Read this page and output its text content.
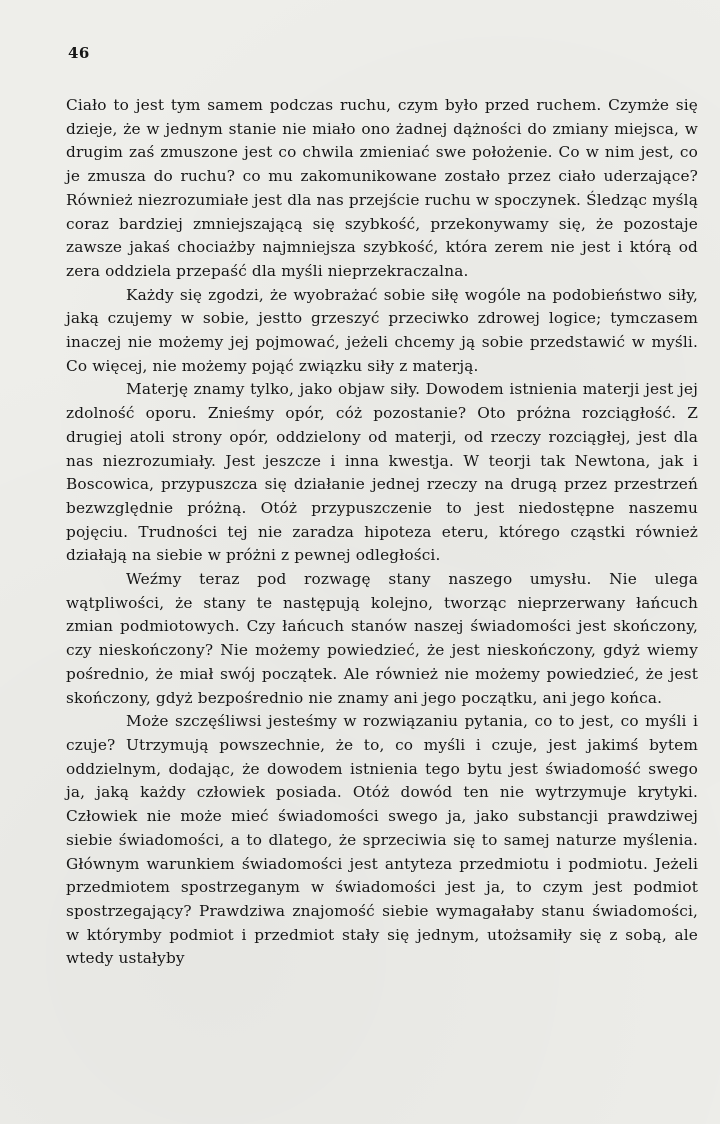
46

Ciało to jest tym samem podczas ruchu, czym było przed ruchem. Czymże się dzieje, że w jednym stanie nie miało ono żadnej dążności do zmiany miejsca, w drugim zaś zmuszone jest co chwila zmieniać swe położenie. Co w nim jest, co je zmusza do ruchu? co mu zakomunikowane zostało przez ciało uderzające? Również niezrozumiałe jest dla nas przejście ruchu w spoczynek. Śledząc myślą coraz bardziej zmniejszającą się szybkość, przekonywamy się, że pozostaje zawsze jakaś chociażby najmniejsza szybkość, która zerem nie jest i którą od zera oddziela przepaść dla myśli nieprzekraczalna.

Każdy się zgodzi, że wyobrażać sobie siłę wogóle na podobieństwo siły, jaką czujemy w sobie, jestto grzeszyć przeciwko zdrowej logice; tymczasem inaczej nie możemy jej pojmować, jeżeli chcemy ją sobie przedstawić w myśli. Co więcej, nie możemy pojąć związku siły z materją.

Materję znamy tylko, jako objaw siły. Dowodem istnienia materji jest jej zdolność oporu. Znieśmy opór, cóż pozostanie? Oto próżna rozciągłość. Z drugiej atoli strony opór, oddzielony od materji, od rzeczy rozciągłej, jest dla nas niezrozumiały. Jest jeszcze i inna kwestja. W teorji tak Newtona, jak i Boscowica, przypuszcza się działanie jednej rzeczy na drugą przez przestrzeń bezwzględnie próżną. Otóż przypuszczenie to jest niedostępne naszemu pojęciu. Trudności tej nie zaradza hipoteza eteru, którego cząstki również działają na siebie w próżni z pewnej odległości.

Weźmy teraz pod rozwagę stany naszego umysłu. Nie ulega wątpliwości, że stany te następują kolejno, tworząc nieprzerwany łańcuch zmian podmiotowych. Czy łańcuch stanów naszej świadomości jest skończony, czy nieskończony? Nie możemy powiedzieć, że jest nieskończony, gdyż wiemy pośrednio, że miał swój początek. Ale również nie możemy powiedzieć, że jest skończony, gdyż bezpośrednio nie znamy ani jego początku, ani jego końca.

Może szczęśliwsi jesteśmy w rozwiązaniu pytania, co to jest, co myśli i czuje? Utrzymują powszechnie, że to, co myśli i czuje, jest jakimś bytem oddzielnym, dodając, że dowodem istnienia tego bytu jest świadomość swego ja, jaką każdy człowiek posiada. Otóż dowód ten nie wytrzymuje krytyki. Człowiek nie może mieć świadomości swego ja, jako substancji prawdziwej siebie świadomości, a to dlatego, że sprzeciwia się to samej naturze myślenia. Głównym warunkiem świadomości jest antyteza przedmiotu i podmiotu. Jeżeli przedmiotem spostrzeganym w świadomości jest ja, to czym jest podmiot spostrzegający? Prawdziwa znajomość siebie wymagałaby stanu świadomości, w którymby podmiot i przedmiot stały się jednym, utożsamiły się z sobą, ale wtedy ustałyby
